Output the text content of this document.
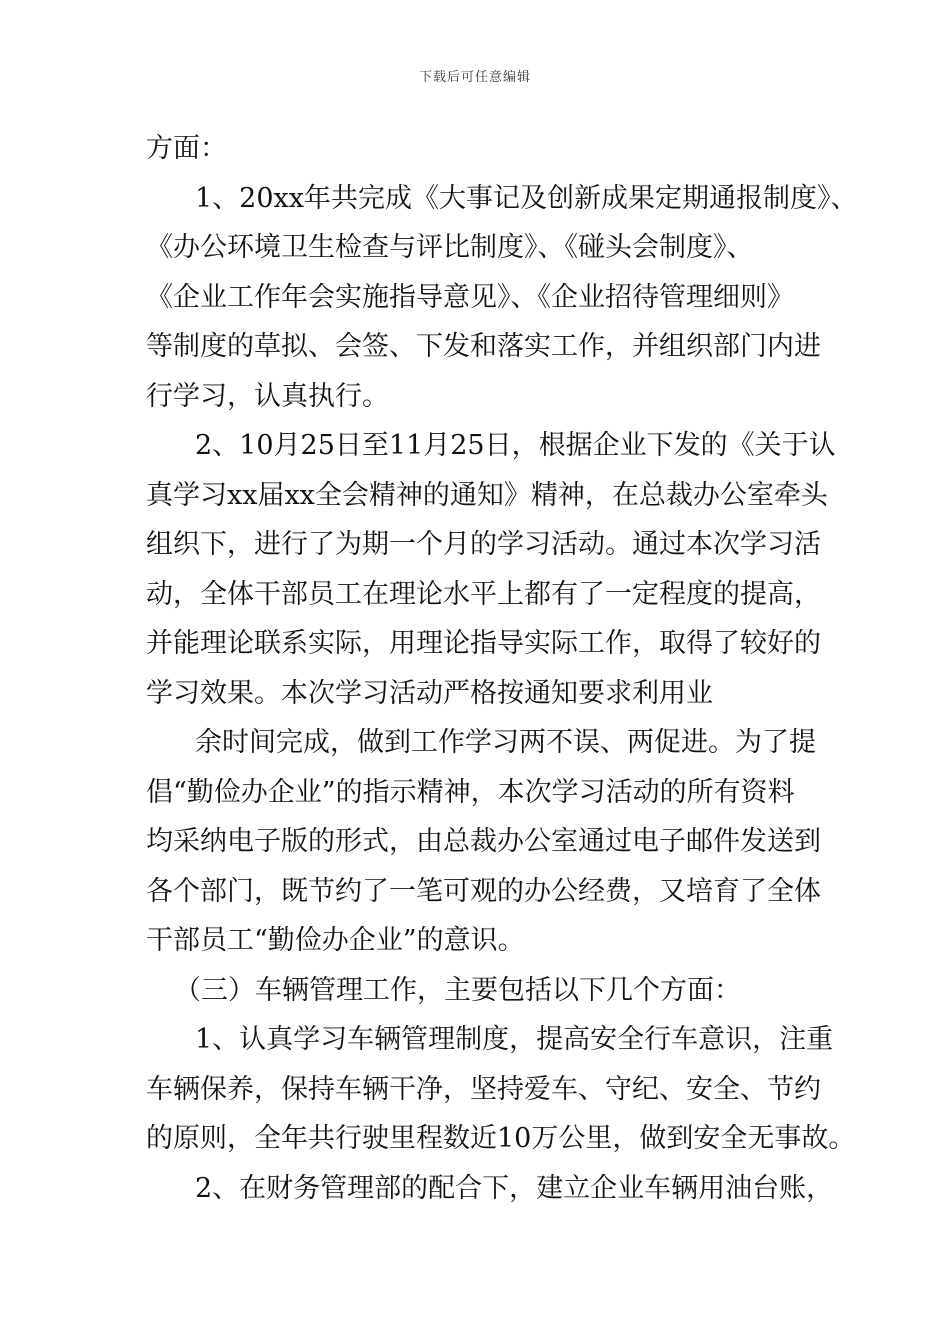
下载后可任意编辑
方面：
1、20xx年共完成《大事记及创新成果定期通报制度》、
《办公环境卫生检查与评比制度》、《碰头会制度》、
《企业工作年会实施指导意见》、《企业招待管理细则》
等制度的草拟、会签、下发和落实工作，并组织部门内进
行学习，认真执行。
2、10月25日至11月25日，根据企业下发的《关于认
真学习xx届xx全会精神的通知》精神，在总裁办公室牵头
组织下，进行了为期一个月的学习活动。通过本次学习活
动，全体干部员工在理论水平上都有了一定程度的提高，
并能理论联系实际，用理论指导实际工作，取得了较好的
学习效果。本次学习活动严格按通知要求利用业
余时间完成，做到工作学习两不误、两促进。为了提
倡“勤俭办企业”的指示精神，本次学习活动的所有资料
均采纳电子版的形式，由总裁办公室通过电子邮件发送到
各个部门，既节约了一笔可观的办公经费，又培育了全体
干部员工“勤俭办企业”的意识。
（三）车辆管理工作，主要包括以下几个方面：
1、认真学习车辆管理制度，提高安全行车意识，注重
车辆保养，保持车辆干净，坚持爱车、守纪、安全、节约
的原则，全年共行驶里程数近10万公里，做到安全无事故。
2、在财务管理部的配合下，建立企业车辆用油台账，
